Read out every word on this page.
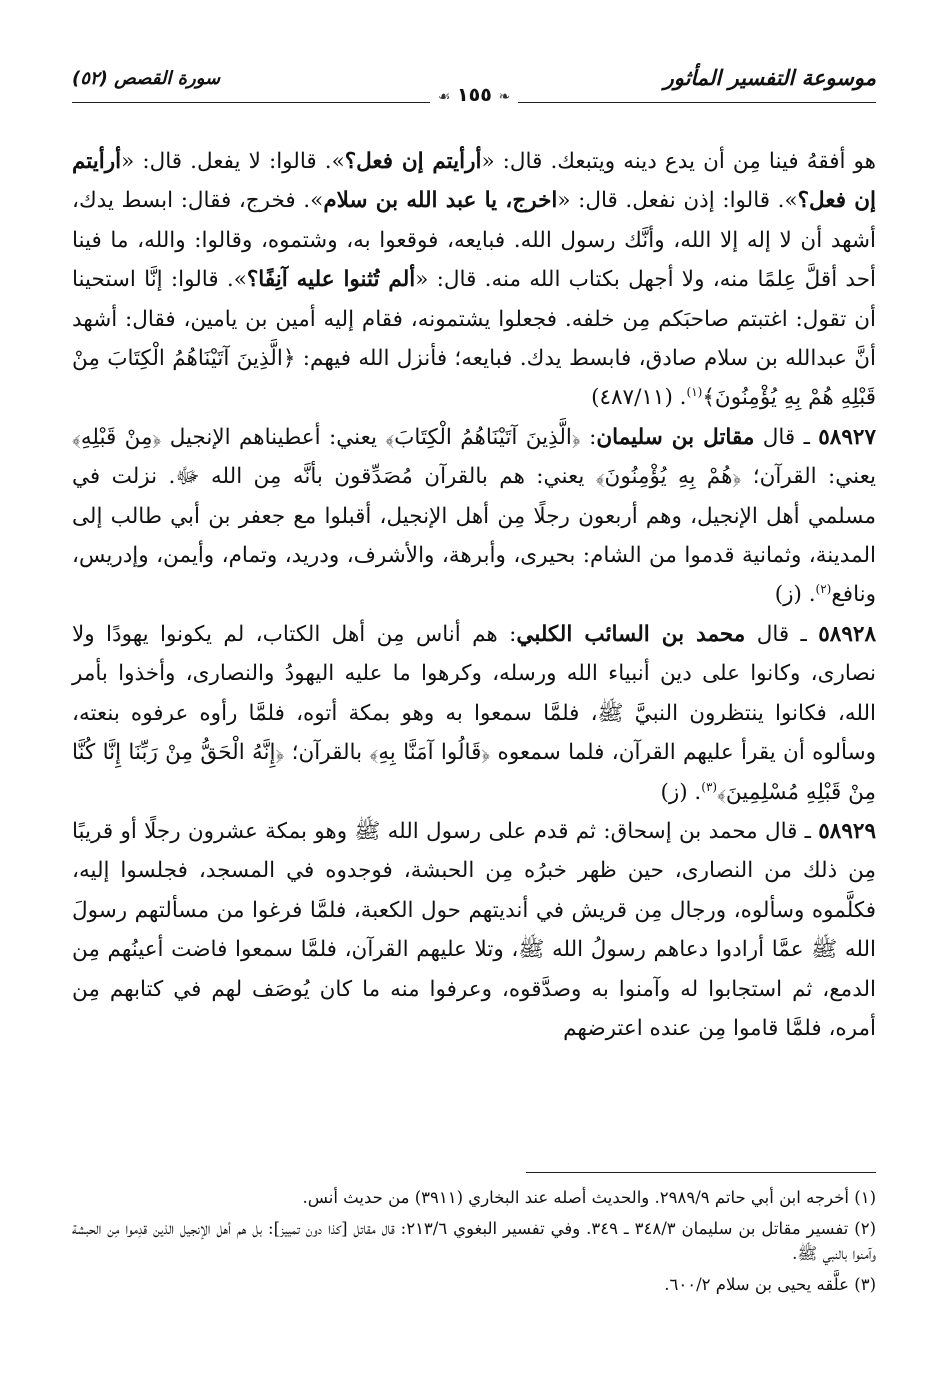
موسوعة التفسير المأثور
☙ ١٥٥ ❧
سورة القصص (٥٢)

هو أفقهُ فينا مِن أن يدع دينه ويتبعك. قال: «أرأيتم إن فعل؟». قالوا: لا يفعل. قال: «أرأيتم إن فعل؟». قالوا: إذن نفعل. قال: «اخرج، يا عبد الله بن سلام». فخرج، فقال: ابسط يدك، أشهد أن لا إله إلا الله، وأنَّك رسول الله. فبايعه، فوقعوا به، وشتموه، وقالوا: والله، ما فينا أحد أقلَّ عِلمًا منه، ولا أجهل بكتاب الله منه. قال: «ألم تُثنوا عليه آنِفًا؟». قالوا: إنَّا استحينا أن تقول: اغتبتم صاحبَكم مِن خلفه. فجعلوا يشتمونه، فقام إليه أمين بن يامين، فقال: أشهد أنَّ عبدالله بن سلام صادق، فابسط يدك. فبايعه؛ فأنزل الله فيهم: ﴿الَّذِينَ آتَيْنَاهُمُ الْكِتَابَ مِنْ قَبْلِهِ هُمْ بِهِ يُؤْمِنُونَ﴾$^{(١)}$. (٤٨٧/١١)

٥٨٩٢٧ ـ قال مقاتل بن سليمان: ﴿الَّذِينَ آتَيْنَاهُمُ الْكِتَابَ﴾ يعني: أعطيناهم الإنجيل ﴿مِنْ قَبْلِهِ﴾ يعني: القرآن؛ ﴿هُمْ بِهِ يُؤْمِنُونَ﴾ يعني: هم بالقرآن مُصَدِّقون بأنَّه مِن الله ﷻ. نزلت في مسلمي أهل الإنجيل، وهم أربعون رجلًا مِن أهل الإنجيل، أقبلوا مع جعفر بن أبي طالب إلى المدينة، وثمانية قدموا من الشام: بحيرى، وأبرهة، والأشرف، ودريد، وتمام، وأيمن، وإدريس، ونافع$^{(٢)}$. (ز)

٥٨٩٢٨ ـ قال محمد بن السائب الكلبي: هم أناس مِن أهل الكتاب، لم يكونوا يهودًا ولا نصارى، وكانوا على دين أنبياء الله ورسله، وكرهوا ما عليه اليهودُ والنصارى، وأخذوا بأمر الله، فكانوا ينتظرون النبيَّ ﷺ، فلمَّا سمعوا به وهو بمكة أتوه، فلمَّا رأوه عرفوه بنعته، وسألوه أن يقرأ عليهم القرآن، فلما سمعوه ﴿قَالُوا آمَنَّا بِهِ﴾ بالقرآن؛ ﴿إِنَّهُ الْحَقُّ مِنْ رَبِّنَا إِنَّا كُنَّا مِنْ قَبْلِهِ مُسْلِمِينَ﴾$^{(٣)}$. (ز)

٥٨٩٢٩ ـ قال محمد بن إسحاق: ثم قدم على رسول الله ﷺ وهو بمكة عشرون رجلًا أو قريبًا مِن ذلك من النصارى، حين ظهر خبرُه مِن الحبشة، فوجدوه في المسجد، فجلسوا إليه، فكلَّموه وسألوه، ورجال مِن قريش في أنديتهم حول الكعبة، فلمَّا فرغوا من مسألتهم رسولَ الله ﷺ عمَّا أرادوا دعاهم رسولُ الله ﷺ، وتلا عليهم القرآن، فلمَّا سمعوا فاضت أعينُهم مِن الدمع، ثم استجابوا له وآمنوا به وصدَّقوه، وعرفوا منه ما كان يُوصَف لهم في كتابهم مِن أمره، فلمَّا قاموا مِن عنده اعترضهم

(١) أخرجه ابن أبي حاتم ٢٩٨٩/٩. والحديث أصله عند البخاري (٣٩١١) من حديث أنس.

(٢) تفسير مقاتل بن سليمان ٣٤٨/٣ ـ ٣٤٩. وفي تفسير البغوي ٢١٣/٦: قال مقاتل [كذا دون تمييز]: بل هم أهل الإنجيل الذين قدِموا مِن الحبشة وآمنوا بالنبي ﷺ.

(٣) علَّقه يحيى بن سلام ٦٠٠/٢.
